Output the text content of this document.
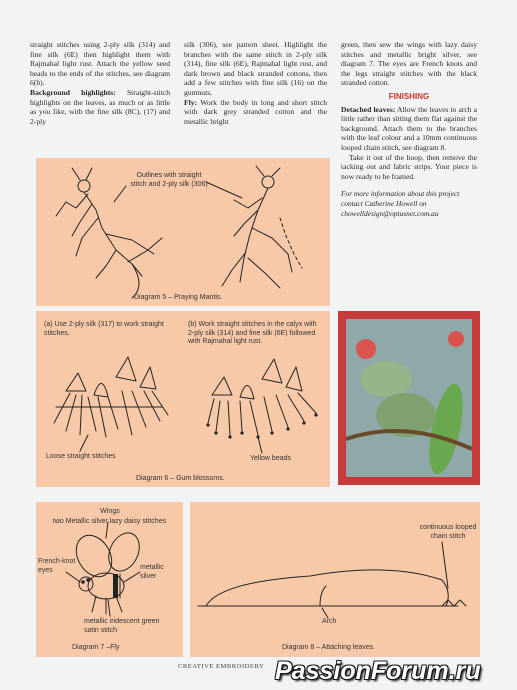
straight stitches using 2-ply silk (314) and fine silk (6E) then highlight them with Rajmahal light rust. Attach the yellow seed beads to the ends of the stitches, see diagram 6(b).
Background highlights: Straight-stitch highlights on the leaves, as much or as little as you like, with the fine silk (8C), (17) and 2-ply
silk (306), see pattern sheet. Highlight the branches with the same stitch in 2-ply silk (314), fine silk (6E), Rajmahal light rust, and dark brown and black stranded cottons, then add a few stitches with fine silk (16) on the gumnuts.
Fly: Work the body in long and short stitch with dark grey stranded cotton and the metallic bright
green, then sew the wings with lazy daisy stitches and metallic bright silver, see diagram 7. The eyes are French knots and the legs straight stitches with the black stranded cotton.
FINISHING
Detached leaves: Allow the leaves to arch a little rather than sitting them flat against the background. Attach them to the branches with the leaf colour and a 10mm continuous looped chain stitch, see diagram 8.
Take it out of the hoop, then remove the tacking out and fabric strips. Your piece is now ready to be framed.
For more information about this project contact Catherine Howell on chowelldesign@optusnet.com.au
Outlines with straight stitch and 2-ply silk (306)
Diagram 5 – Praying Mantis.
(a) Use 2-ply silk (317) to work straight stitches.
(b) Work straight stitches in the calyx with 2-ply silk (314) and fine silk (6E) followed with Rajmahal light rust.
Loose straight stitches	Yellow beads
Diagram 6 – Gum blossoms.
Wings
two Metallic silver lazy daisy stitches
French-knot eyes	metallic silver
metallic iridescent green satin stitch
Diagram 7 –Fly
continuous looped chain stitch
Arch
Diagram 8 – Attaching leaves.
CREATIVE EMBROIDERY PassionForum.ru
